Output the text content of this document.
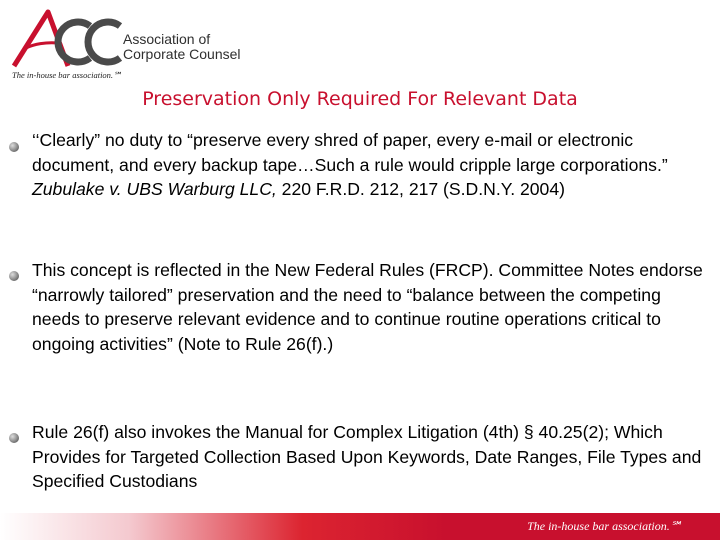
Association of
Corporate Counsel
The in-house bar association.℠
Preservation Only Required For Relevant Data
‘‘Clearly” no duty to “preserve every shred of paper, every e-mail or electronic document, and every backup tape…Such a rule would cripple large corporations.” Zubulake v. UBS Warburg LLC, 220 F.R.D. 212, 217 (S.D.N.Y. 2004)
This concept is reflected in the New Federal Rules (FRCP). Committee Notes endorse “narrowly tailored” preservation and the need to “balance between the competing needs to preserve relevant evidence and to continue routine operations critical to ongoing activities” (Note to Rule 26(f).)
Rule 26(f) also invokes the Manual for Complex Litigation (4th) § 40.25(2); Which Provides for Targeted Collection Based Upon Keywords, Date Ranges, File Types and Specified Custodians
The in-house bar association.℠
